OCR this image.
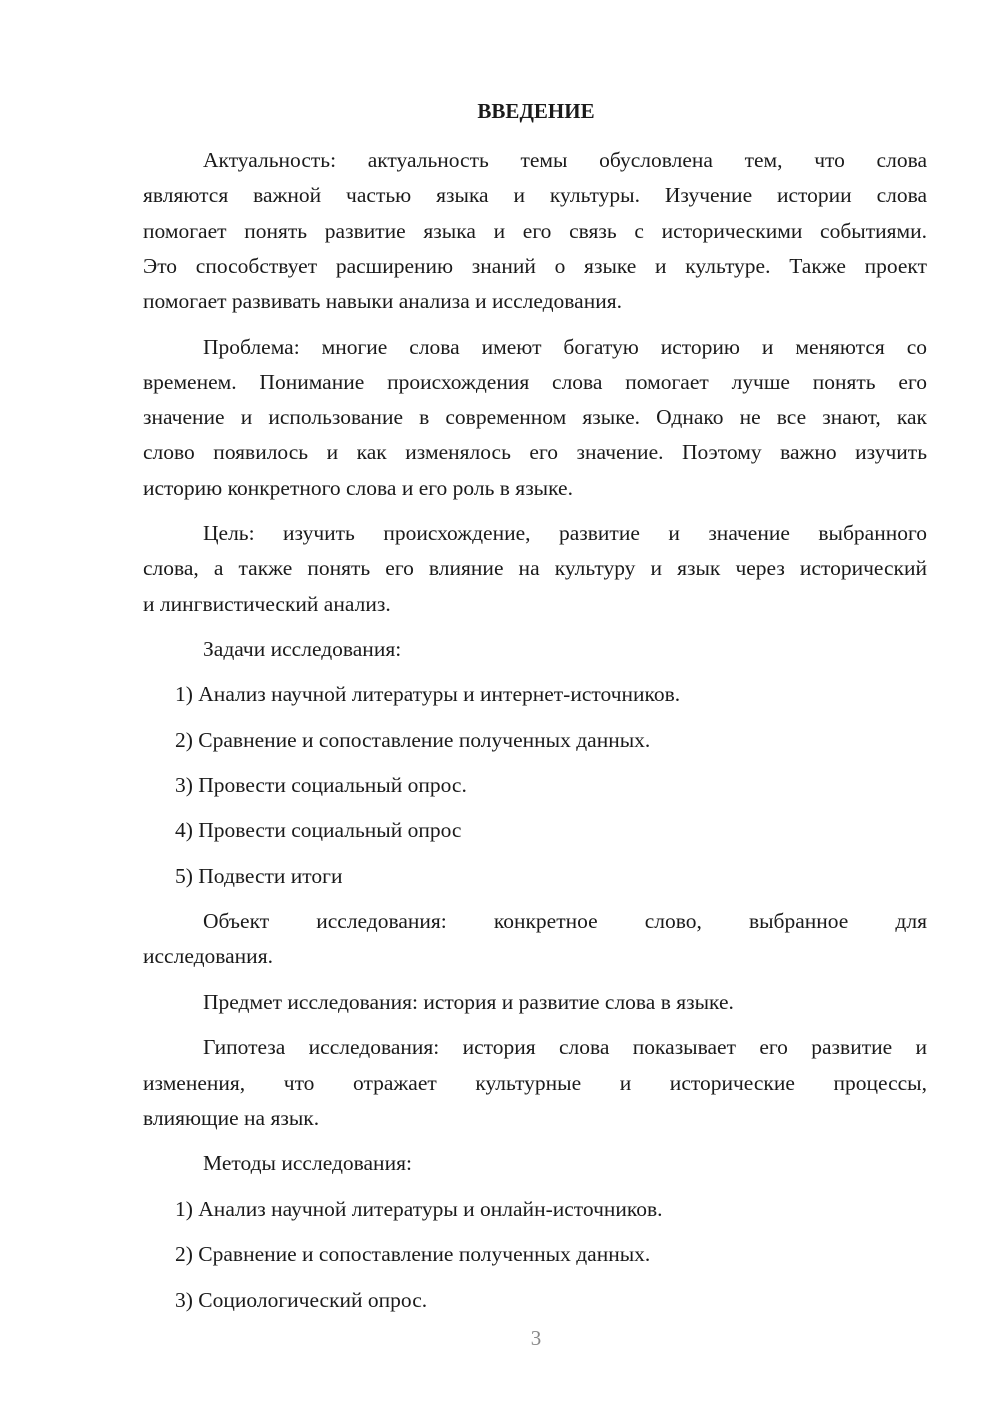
ВВЕДЕНИЕ
Актуальность: актуальность темы обусловлена тем, что слова
являются важной частью языка и культуры. Изучение истории слова
помогает понять развитие языка и его связь с историческими событиями.
Это способствует расширению знаний о языке и культуре. Также проект
помогает развивать навыки анализа и исследования.
Проблема: многие слова имеют богатую историю и меняются со
временем. Понимание происхождения слова помогает лучше понять его
значение и использование в современном языке. Однако не все знают, как
слово появилось и как изменялось его значение. Поэтому важно изучить
историю конкретного слова и его роль в языке.
Цель: изучить происхождение, развитие и значение выбранного
слова, а также понять его влияние на культуру и язык через исторический
и лингвистический анализ.
Задачи исследования:
1) Анализ научной литературы и интернет-источников.
2) Сравнение и сопоставление полученных данных.
3) Провести социальный опрос.
4) Провести социальный опрос
5) Подвести итоги
Объект исследования: конкретное слово, выбранное для
исследования.
Предмет исследования: история и развитие слова в языке.
Гипотеза исследования: история слова показывает его развитие и
изменения, что отражает культурные и исторические процессы,
влияющие на язык.
Методы исследования:
1) Анализ научной литературы и онлайн-источников.
2) Сравнение и сопоставление полученных данных.
3) Социологический опрос.
3
